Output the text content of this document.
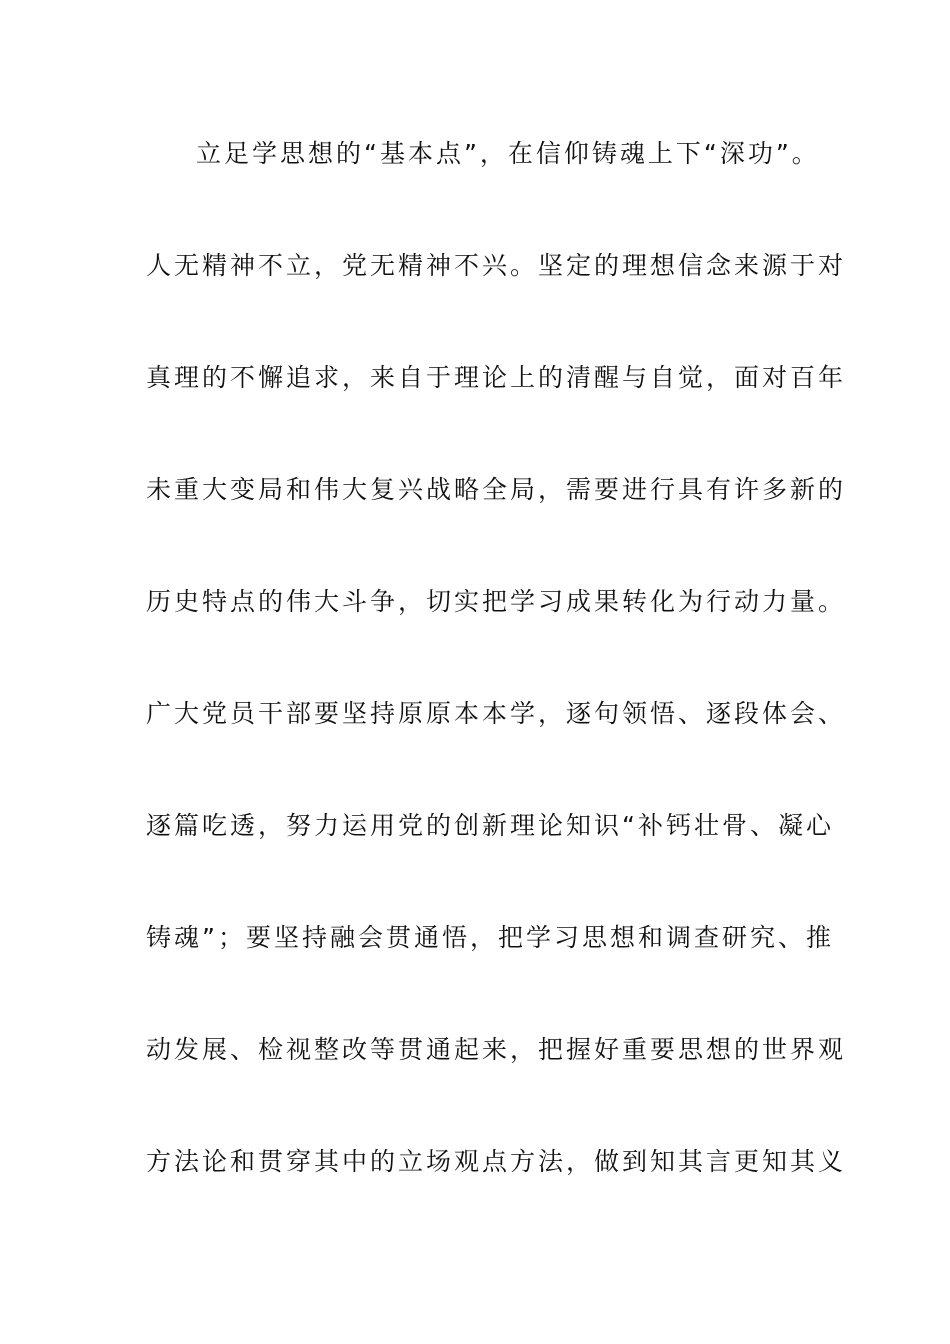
立足学思想的“基本点”，在信仰铸魂上下“深功”。
人无精神不立，党无精神不兴。坚定的理想信念来源于对
真理的不懈追求，来自于理论上的清醒与自觉，面对百年
未重大变局和伟大复兴战略全局，需要进行具有许多新的
历史特点的伟大斗争，切实把学习成果转化为行动力量。
广大党员干部要坚持原原本本学，逐句领悟、逐段体会、
逐篇吃透，努力运用党的创新理论知识“补钙壮骨、凝心
铸魂”；要坚持融会贯通悟，把学习思想和调查研究、推
动发展、检视整改等贯通起来，把握好重要思想的世界观
方法论和贯穿其中的立场观点方法，做到知其言更知其义
